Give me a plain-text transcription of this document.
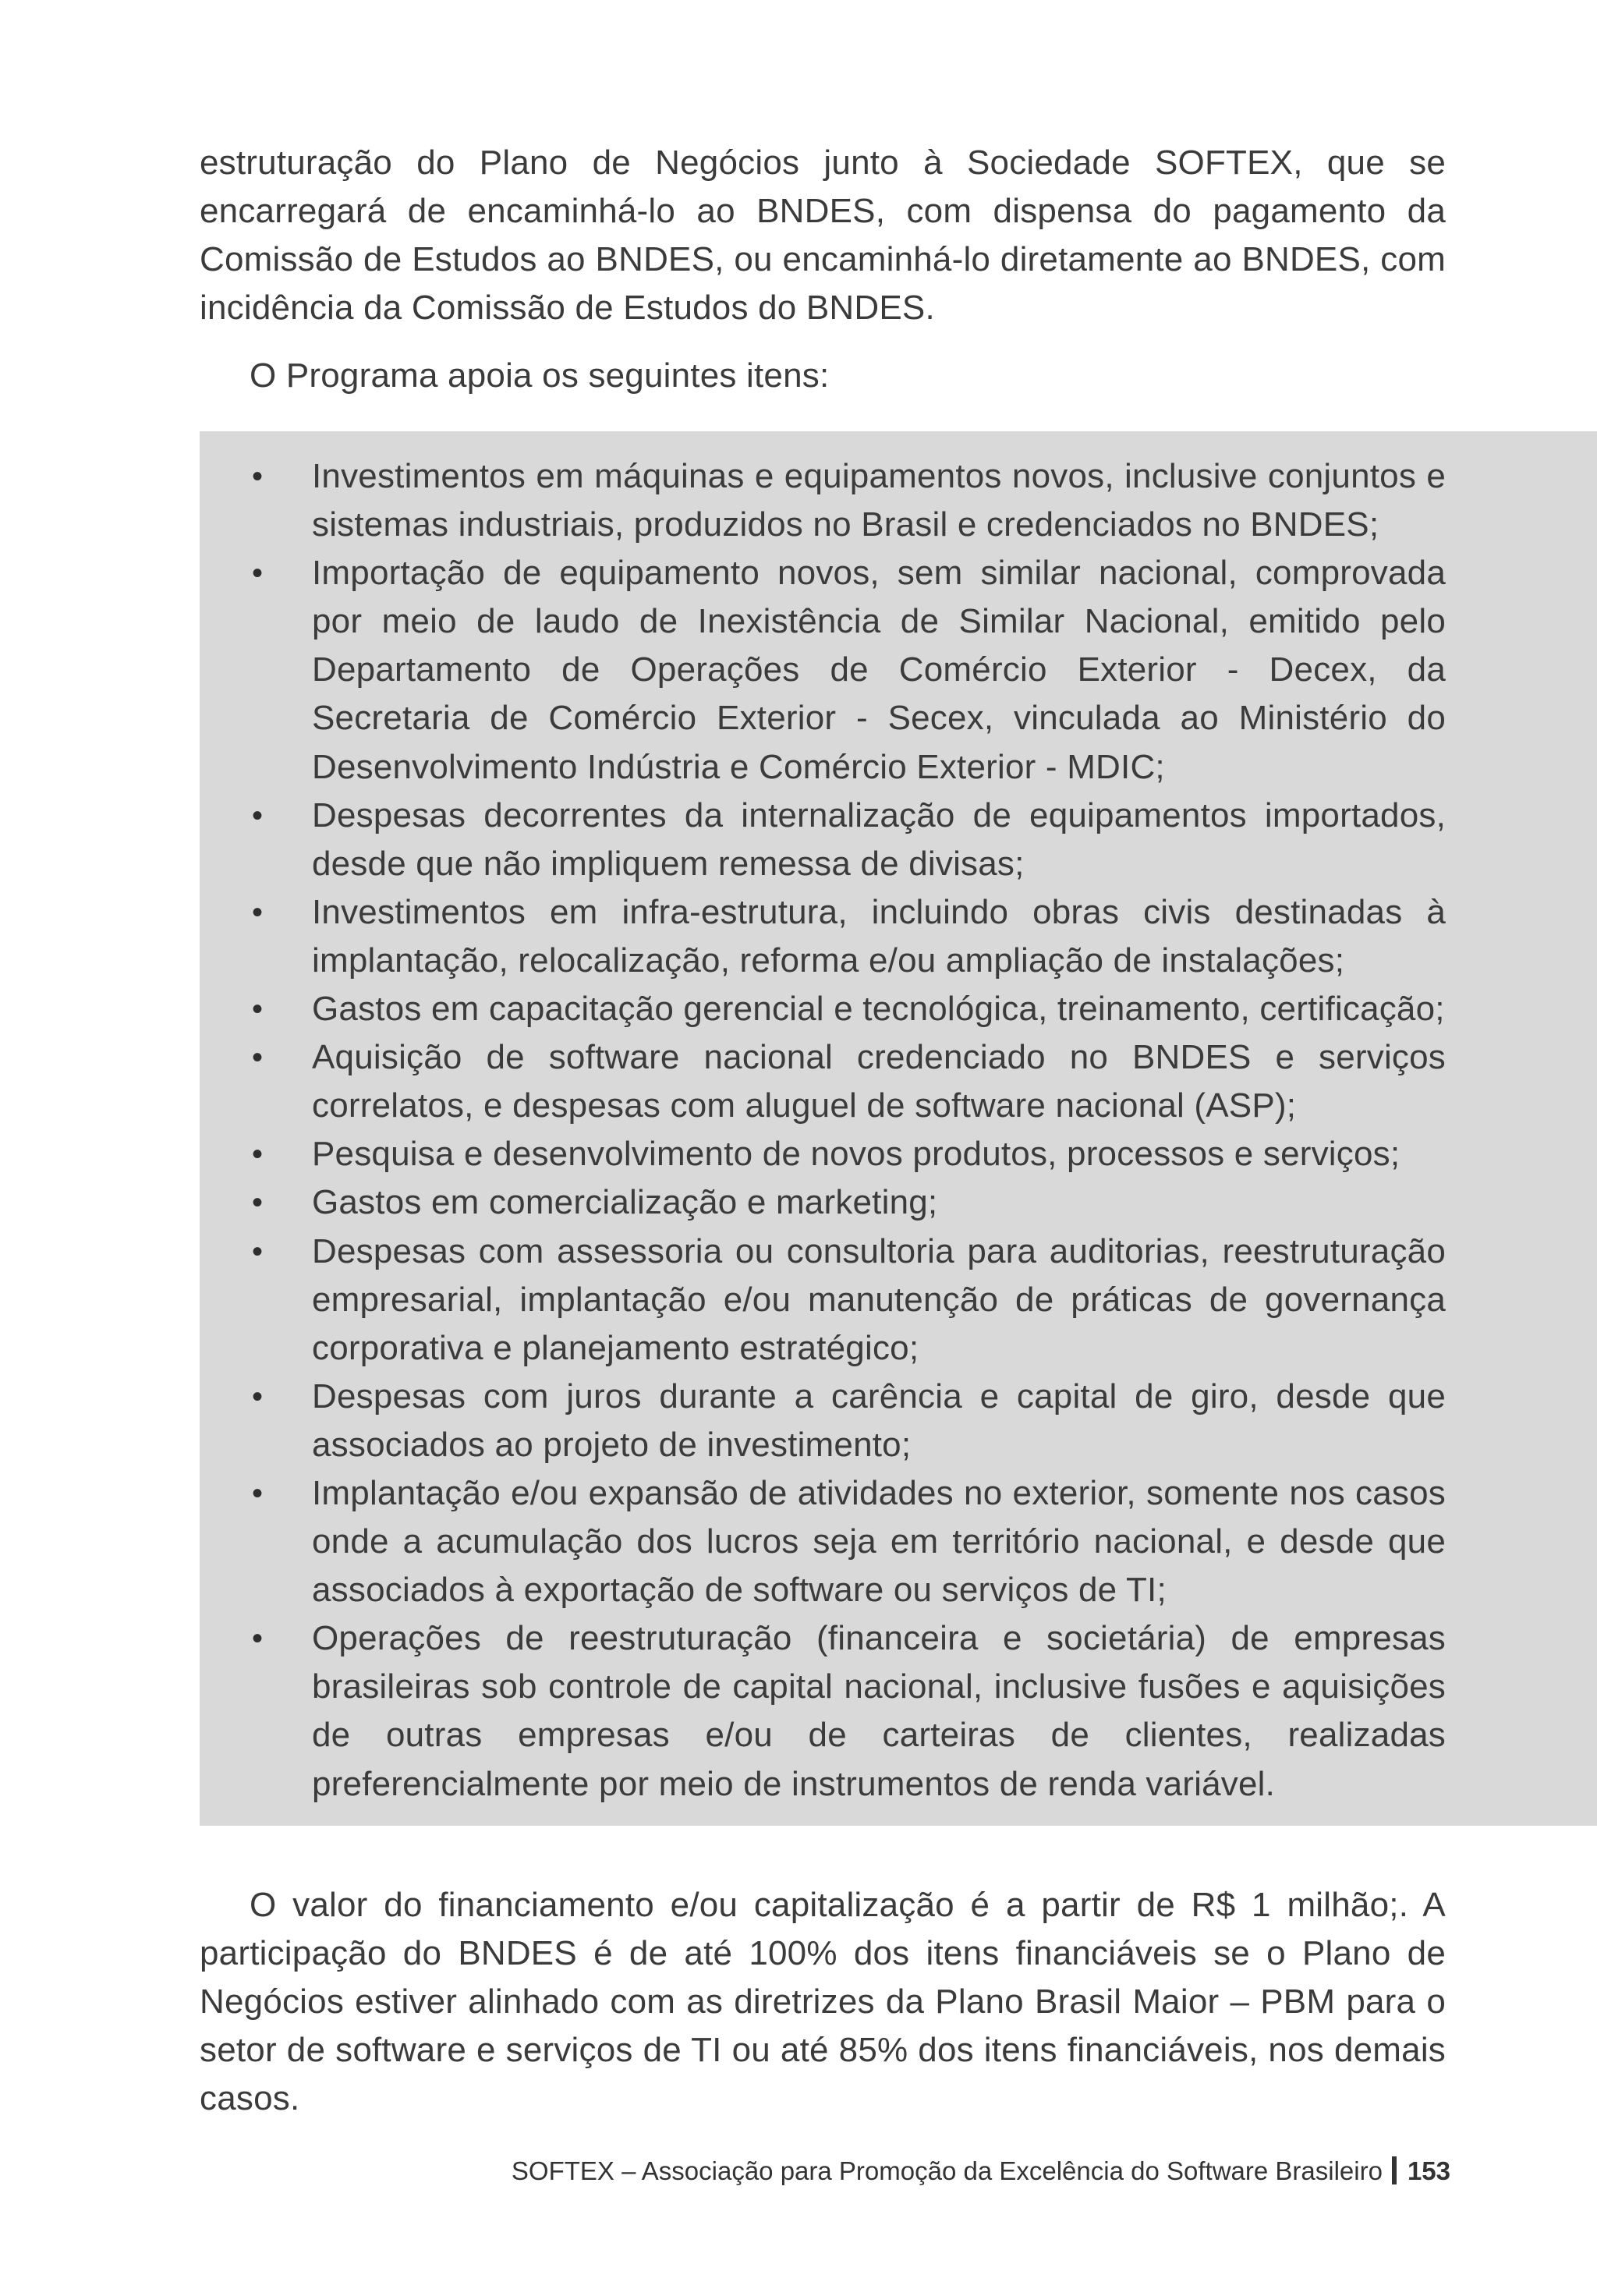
estruturação do Plano de Negócios junto à Sociedade SOFTEX, que se encarregará de encaminhá-lo ao BNDES, com dispensa do pagamento da Comissão de Estudos ao BNDES, ou encaminhá-lo diretamente ao BNDES, com incidência da Comissão de Estudos do BNDES.

O Programa apoia os seguintes itens:

• Investimentos em máquinas e equipamentos novos, inclusive conjuntos e sistemas industriais, produzidos no Brasil e credenciados no BNDES;
• Importação de equipamento novos, sem similar nacional, comprovada por meio de laudo de Inexistência de Similar Nacional, emitido pelo Departamento de Operações de Comércio Exterior - Decex, da Secretaria de Comércio Exterior - Secex, vinculada ao Ministério do Desenvolvimento Indústria e Comércio Exterior - MDIC;
• Despesas decorrentes da internalização de equipamentos importados, desde que não impliquem remessa de divisas;
• Investimentos em infra-estrutura, incluindo obras civis destinadas à implantação, relocalização, reforma e/ou ampliação de instalações;
• Gastos em capacitação gerencial e tecnológica, treinamento, certificação;
• Aquisição de software nacional credenciado no BNDES e serviços correlatos, e despesas com aluguel de software nacional (ASP);
• Pesquisa e desenvolvimento de novos produtos, processos e serviços;
• Gastos em comercialização e marketing;
• Despesas com assessoria ou consultoria para auditorias, reestruturação empresarial, implantação e/ou manutenção de práticas de governança corporativa e planejamento estratégico;
• Despesas com juros durante a carência e capital de giro, desde que associados ao projeto de investimento;
• Implantação e/ou expansão de atividades no exterior, somente nos casos onde a acumulação dos lucros seja em território nacional, e desde que associados à exportação de software ou serviços de TI;
• Operações de reestruturação (financeira e societária) de empresas brasileiras sob controle de capital nacional, inclusive fusões e aquisições de outras empresas e/ou de carteiras de clientes, realizadas preferencialmente por meio de instrumentos de renda variável.

O valor do financiamento e/ou capitalização é a partir de R$ 1 milhão;. A participação do BNDES é de até 100% dos itens financiáveis se o Plano de Negócios estiver alinhado com as diretrizes da Plano Brasil Maior – PBM para o setor de software e serviços de TI ou até 85% dos itens financiáveis, nos demais casos.

SOFTEX – Associação para Promoção da Excelência do Software Brasileiro 153
